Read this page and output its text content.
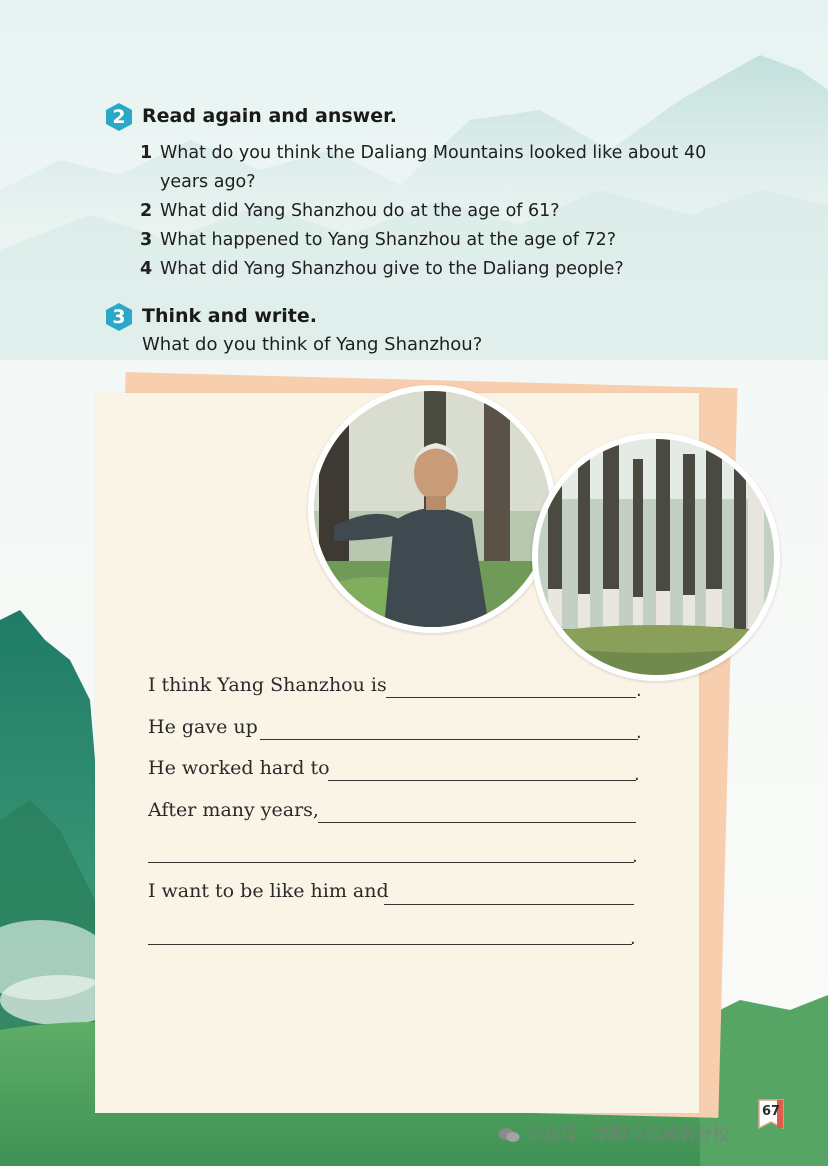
2 Read again and answer.
1 What do you think the Daliang Mountains looked like about 40 years ago?
2 What did Yang Shanzhou do at the age of 61?
3 What happened to Yang Shanzhou at the age of 72?
4 What did Yang Shanzhou give to the Daliang people?
3 Think and write.
What do you think of Yang Shanzhou?
I think Yang Shanzhou is	.
He gave up	.
He worked hard to	.
After many years,
.
I want to be like him and
.
67
公众号 · 李阳英语茂名分校
